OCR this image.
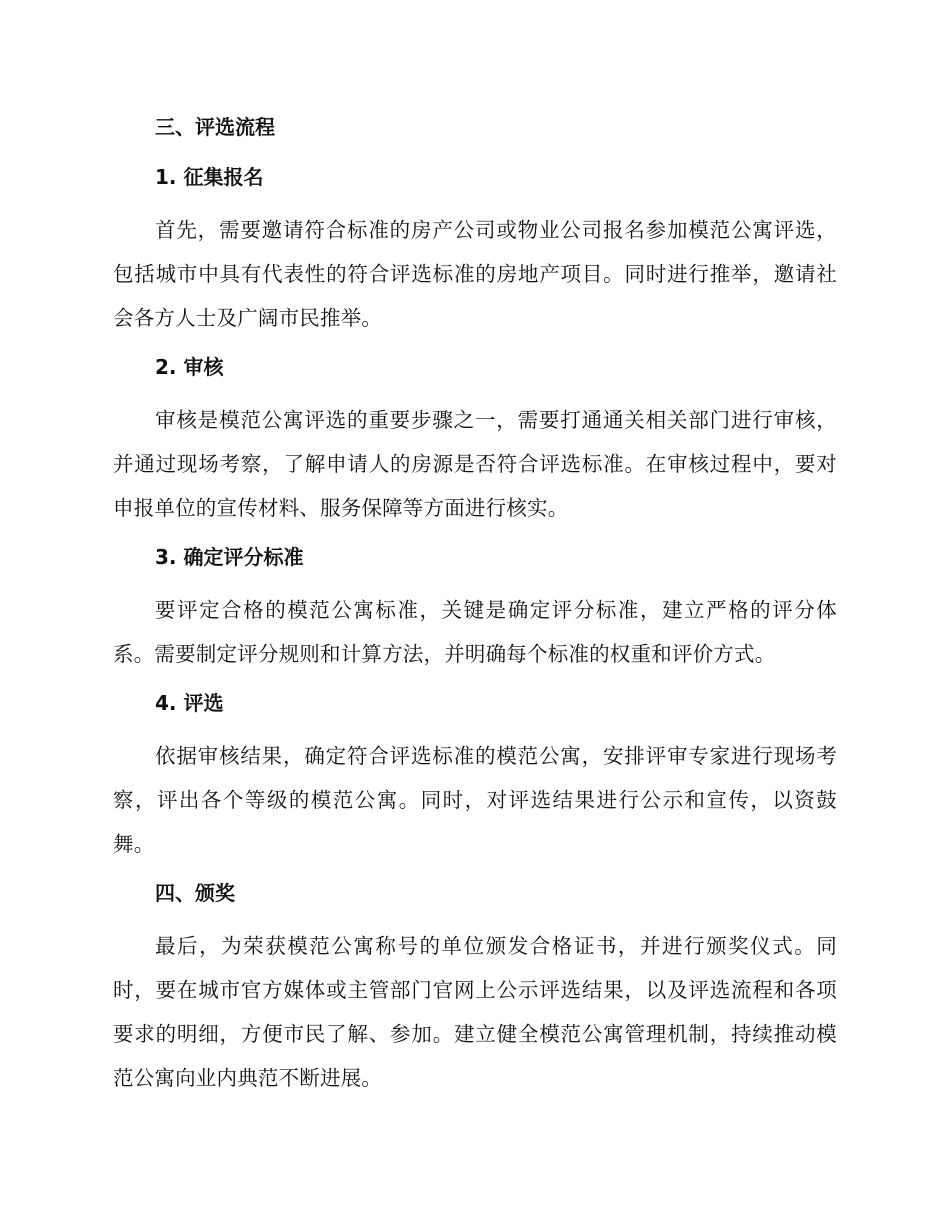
三、评选流程
1. 征集报名

首先，需要邀请符合标准的房产公司或物业公司报名参加模范公寓评选，包括城市中具有代表性的符合评选标准的房地产项目。同时进行推举，邀请社会各方人士及广阔市民推举。

2. 审核

审核是模范公寓评选的重要步骤之一，需要打通通关相关部门进行审核，并通过现场考察，了解申请人的房源是否符合评选标准。在审核过程中，要对申报单位的宣传材料、服务保障等方面进行核实。

3. 确定评分标准

要评定合格的模范公寓标准，关键是确定评分标准，建立严格的评分体系。需要制定评分规则和计算方法，并明确每个标准的权重和评价方式。

4. 评选

依据审核结果，确定符合评选标准的模范公寓，安排评审专家进行现场考察，评出各个等级的模范公寓。同时，对评选结果进行公示和宣传，以资鼓舞。

四、颁奖

最后，为荣获模范公寓称号的单位颁发合格证书，并进行颁奖仪式。同时，要在城市官方媒体或主管部门官网上公示评选结果，以及评选流程和各项要求的明细，方便市民了解、参加。建立健全模范公寓管理机制，持续推动模范公寓向业内典范不断进展。
